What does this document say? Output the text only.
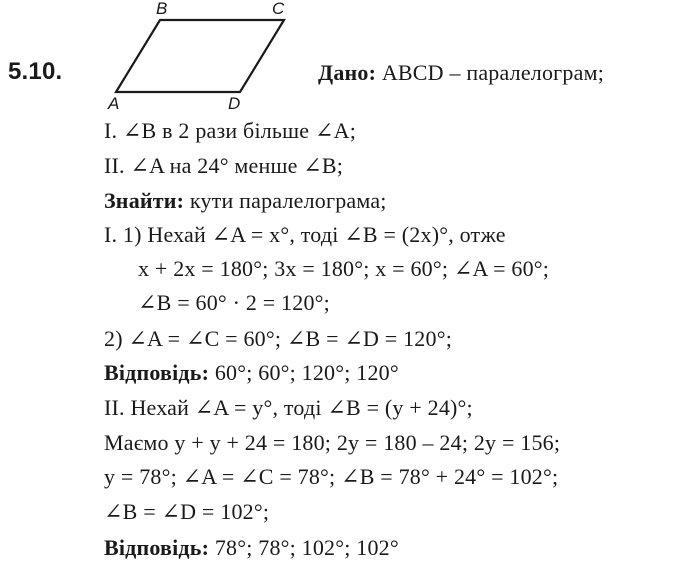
A
B	C
D
5.10.	Дано: ABCD – паралелограм;
I. ∠B в 2 рази більше ∠A;
II. ∠A на 24° менше ∠B;
Знайти: кути паралелограма;
I. 1) Нехай ∠A = x°, тоді ∠B = (2x)°, отже
x + 2x = 180°; 3x = 180°; x = 60°; ∠A = 60°;
∠B = 60° · 2 = 120°;
2) ∠A = ∠C = 60°; ∠B = ∠D = 120°;
Відповідь: 60°; 60°; 120°; 120°
II. Нехай ∠A = y°, тоді ∠B = (y + 24)°;
Маємо y + y + 24 = 180; 2y = 180 – 24; 2y = 156;
y = 78°; ∠A = ∠C = 78°; ∠B = 78° + 24° = 102°;
∠B = ∠D = 102°;
Відповідь: 78°; 78°; 102°; 102°
